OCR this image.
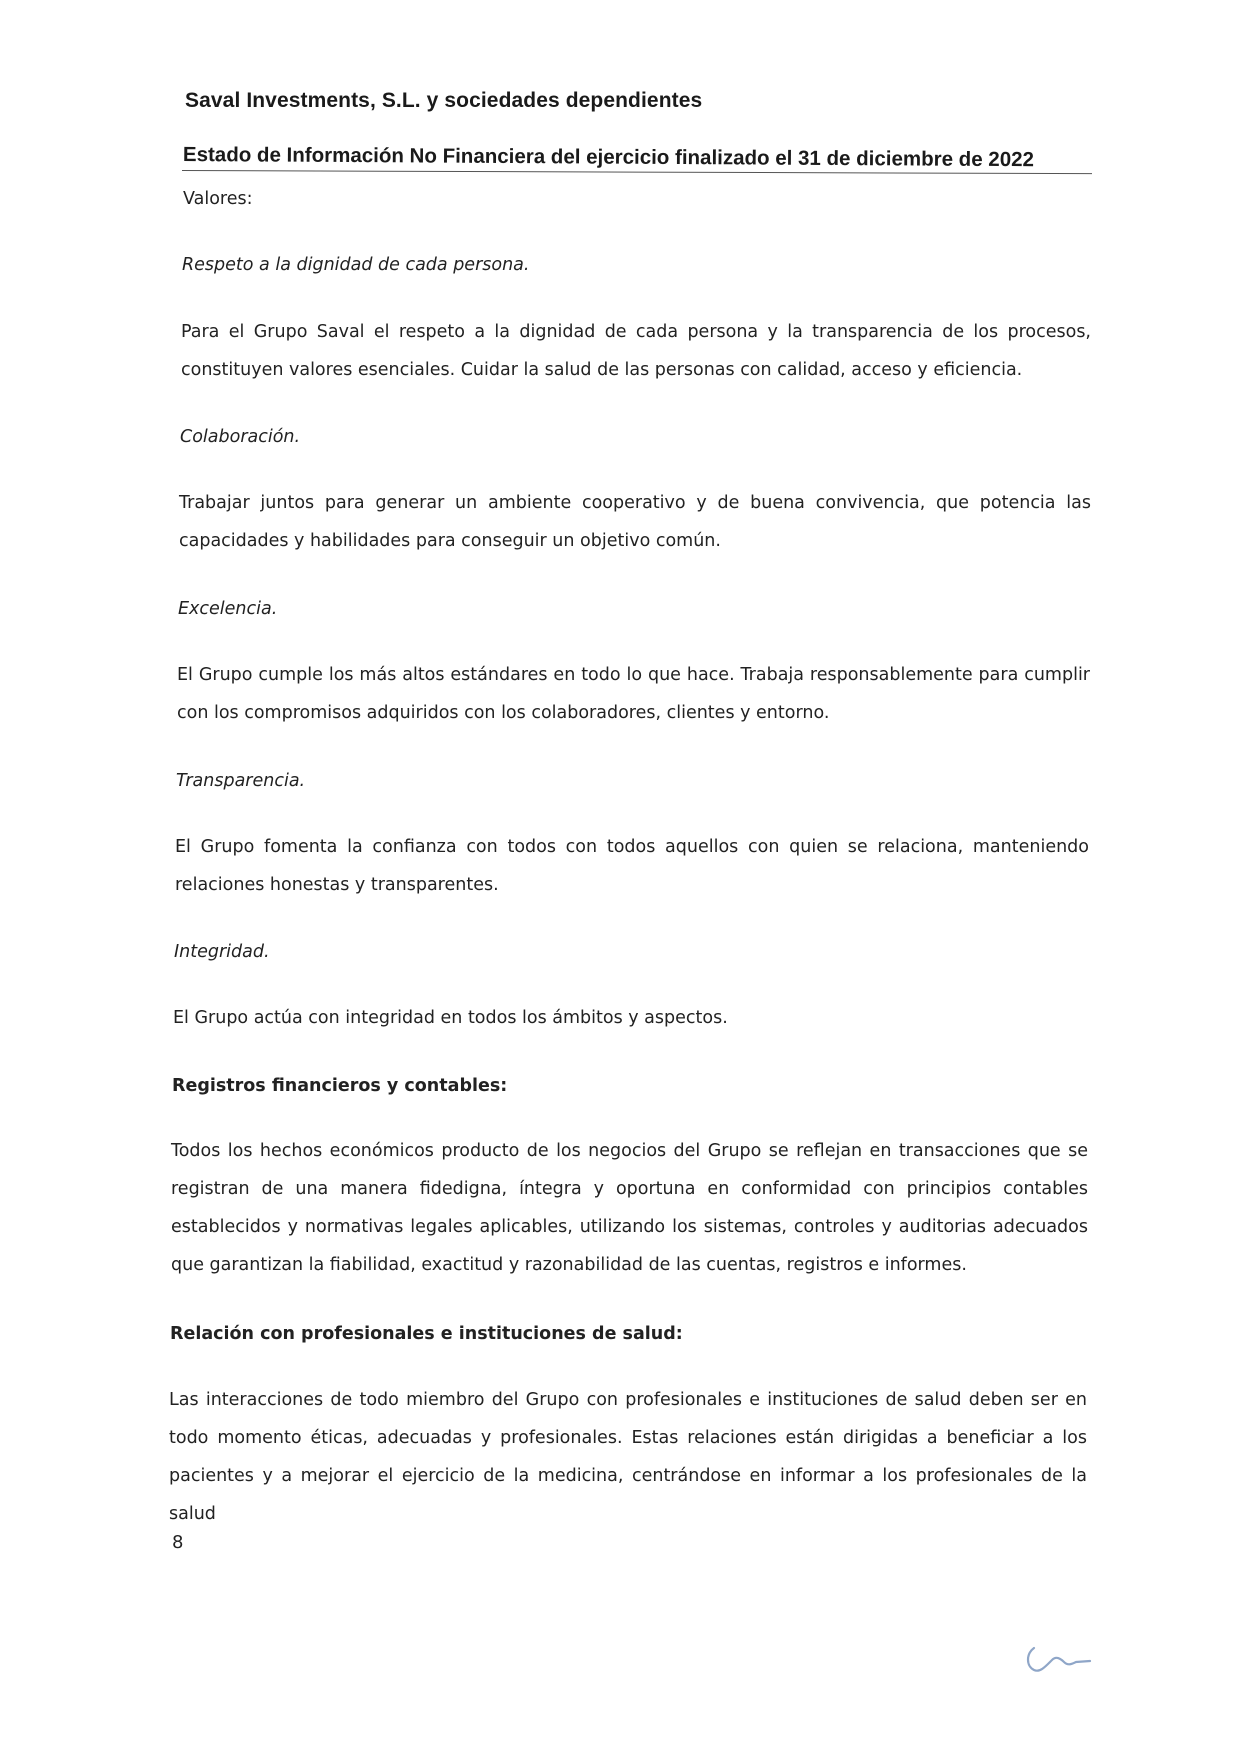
Saval Investments, S.L. y sociedades dependientes
Estado de Información No Financiera del ejercicio finalizado el 31 de diciembre de 2022
Valores:
Respeto a la dignidad de cada persona.
Para el Grupo Saval el respeto a la dignidad de cada persona y la transparencia de los procesos, constituyen valores esenciales. Cuidar la salud de las personas con calidad, acceso y eficiencia.
Colaboración.
Trabajar juntos para generar un ambiente cooperativo y de buena convivencia, que potencia las capacidades y habilidades para conseguir un objetivo común.
Excelencia.
El Grupo cumple los más altos estándares en todo lo que hace. Trabaja responsablemente para cumplir con los compromisos adquiridos con los colaboradores, clientes y entorno.
Transparencia.
El Grupo fomenta la confianza con todos con todos aquellos con quien se relaciona, manteniendo relaciones honestas y transparentes.
Integridad.
El Grupo actúa con integridad en todos los ámbitos y aspectos.
Registros financieros y contables:
Todos los hechos económicos producto de los negocios del Grupo se reflejan en transacciones que se registran de una manera fidedigna, íntegra y oportuna en conformidad con principios contables establecidos y normativas legales aplicables, utilizando los sistemas, controles y auditorias adecuados que garantizan la fiabilidad, exactitud y razonabilidad de las cuentas, registros e informes.
Relación con profesionales e instituciones de salud:
Las interacciones de todo miembro del Grupo con profesionales e instituciones de salud deben ser en todo momento éticas, adecuadas y profesionales. Estas relaciones están dirigidas a beneficiar a los pacientes y a mejorar el ejercicio de la medicina, centrándose en informar a los profesionales de la salud
8
